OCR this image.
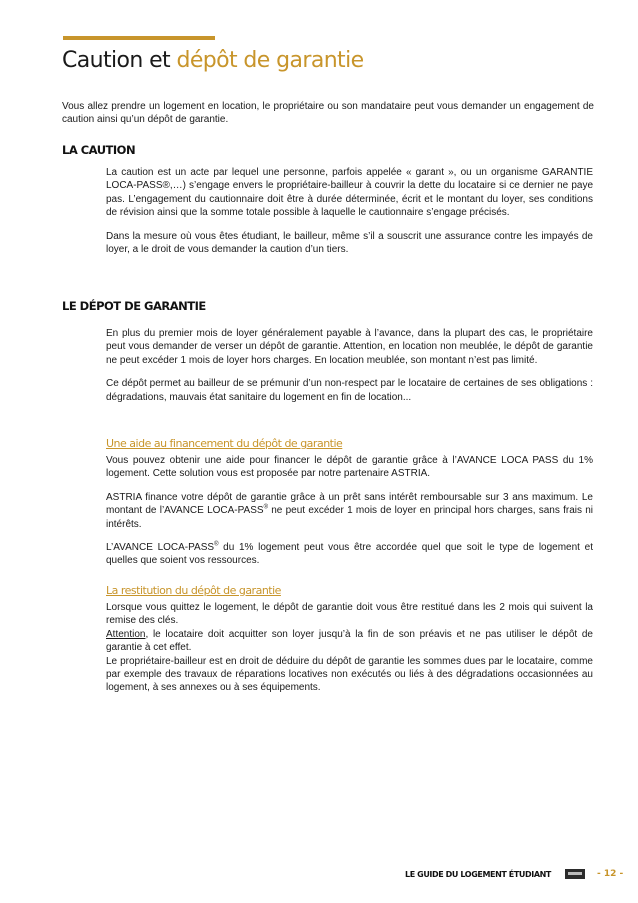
Caution et dépôt de garantie
Vous allez prendre un logement en location, le propriétaire ou son mandataire peut vous demander un engagement de caution ainsi qu’un dépôt de garantie.
LA CAUTION

La caution est un acte par lequel une personne, parfois appelée « garant », ou un organisme GARANTIE LOCA-PASS®,…) s’engage envers le propriétaire-bailleur à couvrir la dette du locataire si ce dernier ne paye pas. L’engagement du cautionnaire doit être à durée déterminée, écrit et le montant du loyer, ses conditions de révision ainsi que la somme totale possible à laquelle le cautionnaire s’engage précisés.

Dans la mesure où vous êtes étudiant, le bailleur, même s’il a souscrit une assurance contre les impayés de loyer, a le droit de vous demander la caution d’un tiers.

LE DÉPOT DE GARANTIE

En plus du premier mois de loyer généralement payable à l’avance, dans la plupart des cas, le propriétaire peut vous demander de verser un dépôt de garantie. Attention, en location non meublée, le dépôt de garantie ne peut excéder 1 mois de loyer hors charges. En location meublée, son montant n’est pas limité.

Ce dépôt permet au bailleur de se prémunir d’un non-respect par le locataire de certaines de ses obligations : dégradations, mauvais état sanitaire du logement en fin de location...

Une aide au financement du dépôt de garantie

Vous pouvez obtenir une aide pour financer le dépôt de garantie grâce à l’AVANCE LOCA PASS du 1% logement. Cette solution vous est proposée par notre partenaire ASTRIA.

ASTRIA finance votre dépôt de garantie grâce à un prêt sans intérêt remboursable sur 3 ans maximum. Le montant de l’AVANCE LOCA-PASS® ne peut excéder 1 mois de loyer en principal hors charges, sans frais ni intérêts.

L’AVANCE LOCA-PASS® du 1% logement peut vous être accordée quel que soit le type de logement et quelles que soient vos ressources.

La restitution du dépôt de garantie

Lorsque vous quittez le logement, le dépôt de garantie doit vous être restitué dans les 2 mois qui suivent la remise des clés.

Attention, le locataire doit acquitter son loyer jusqu’à la fin de son préavis et ne pas utiliser le dépôt de garantie à cet effet.

Le propriétaire-bailleur est en droit de déduire du dépôt de garantie les sommes dues par le locataire, comme par exemple des travaux de réparations locatives non exécutés ou liés à des dégradations occasionnées au logement, à ses annexes ou à ses équipements.

LE GUIDE DU LOGEMENT ÉTUDIANT	- 12 -
